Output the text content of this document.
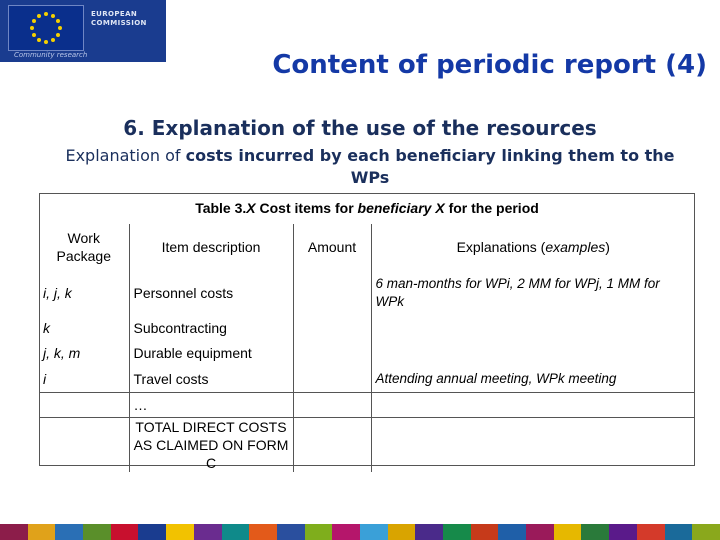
EUROPEAN
COMMISSION
Community research	Content of periodic report (4)
6. Explanation of the use of the resources
Explanation of costs incurred by each beneficiary linking them to the WPs
Table 3.X Cost items for beneficiary X for the period
Work Package	Item description	Amount	Explanations (examples)
i, j, k	Personnel costs		6 man-months for WPi, 2 MM for WPj, 1 MM for WPk
k	Subcontracting		
j, k, m	Durable equipment		
i	Travel costs		Attending annual meeting, WPk meeting
	…		
	TOTAL DIRECT COSTS AS CLAIMED ON FORM C		
